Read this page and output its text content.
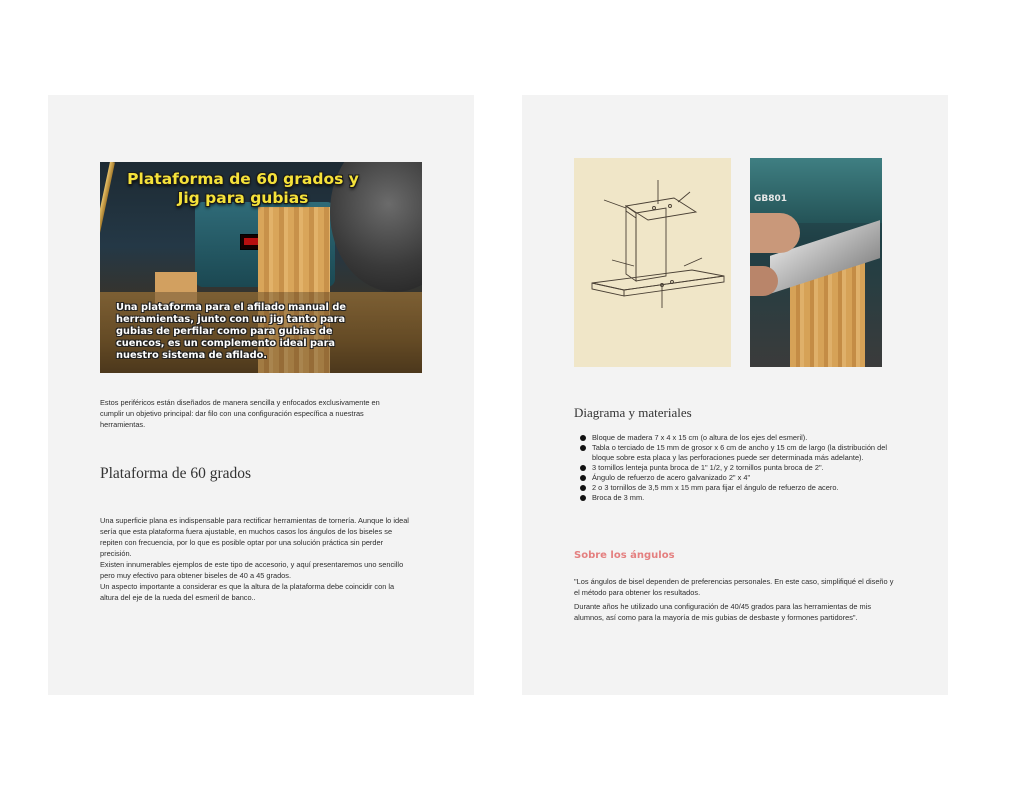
Plataforma de 60 grados y Jig para gubias
Una plataforma para el afilado manual de herramientas, junto con un jig tanto para gubias de perfilar como para gubias de cuencos, es un complemento ideal para nuestro sistema de afilado.
Estos periféricos están diseñados de manera sencilla y enfocados exclusivamente en cumplir un objetivo principal: dar filo con una configuración específica a nuestras herramientas.
Plataforma de 60 grados
Una superficie plana es indispensable para rectificar herramientas de tornería. Aunque lo ideal sería que esta plataforma fuera ajustable, en muchos casos los ángulos de los biseles se repiten con frecuencia, por lo que es posible optar por una solución práctica sin perder precisión.
Existen innumerables ejemplos de este tipo de accesorio, y aquí presentaremos uno sencillo pero muy efectivo para obtener biseles de 40 a 45 grados.
Un aspecto importante a considerar es que la altura de la plataforma debe coincidir con la altura del eje de la rueda del esmeril de banco..
GB801
Diagrama y materiales
Bloque de madera 7 x 4 x 15 cm (o altura de los ejes del esmeril).
Tabla o terciado de 15 mm de grosor x 6 cm de ancho y 15 cm de largo (la distribución del bloque sobre esta placa y las perforaciones puede ser determinada más adelante).
3 tornillos lenteja punta broca de 1" 1/2, y 2 tornillos punta broca de 2".
Ángulo de refuerzo de acero galvanizado 2" x 4"
2 o 3 tornillos de 3,5 mm x 15 mm para fijar el ángulo de refuerzo de acero.
Broca de 3 mm.
Sobre los ángulos
"Los ángulos de bisel dependen de preferencias personales. En este caso, simplifiqué el diseño y el método para obtener los resultados.
Durante años he utilizado una configuración de 40/45 grados para las herramientas de mis alumnos, así como para la mayoría de mis gubias de desbaste y formones partidores".
